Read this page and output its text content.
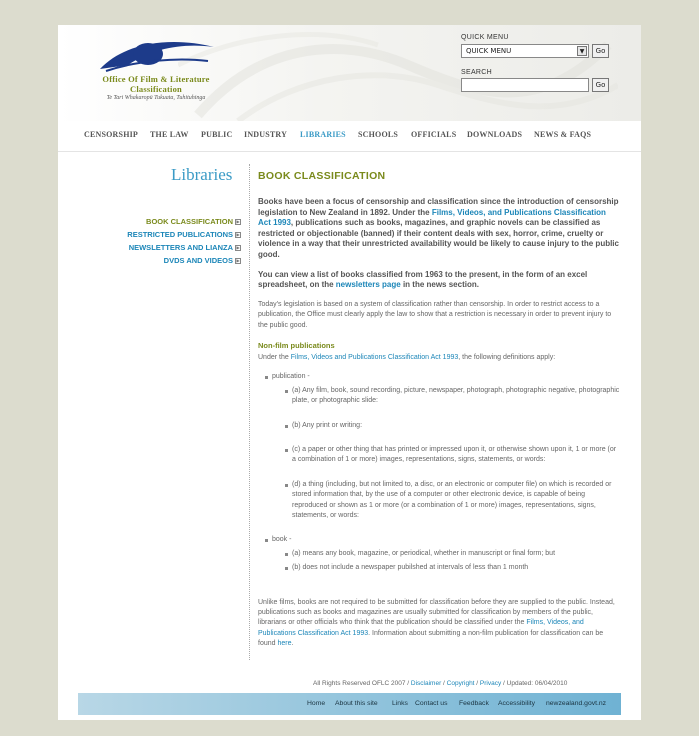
Office Of Film & Literature
Classification
Te Tari Whakaropū Tukuata, Tuhituhinga
QUICK MENU
QUICK MENU	▼	Go
SEARCH
Go
CENSORSHIP THE LAW PUBLIC INDUSTRY LIBRARIES SCHOOLS OFFICIALS DOWNLOADS NEWS & FAQS
Libraries
BOOK CLASSIFICATION ▶
RESTRICTED PUBLICATIONS ▶
NEWSLETTERS AND LIANZA ▶
DVDS AND VIDEOS ▶
BOOK CLASSIFICATION

Books have been a focus of censorship and classification since the introduction of censorship legislation to New Zealand in 1892. Under the Films, Videos, and Publications Classification Act 1993, publications such as books, magazines, and graphic novels can be classified as restricted or objectionable (banned) if their content deals with sex, horror, crime, cruelty or violence in a way that their unrestricted availability would be likely to cause injury to the public good.

You can view a list of books classified from 1963 to the present, in the form of an excel spreadsheet, on the newsletters page in the news section.

Today's legislation is based on a system of classification rather than censorship. In order to restrict access to a publication, the Office must clearly apply the law to show that a restriction is necessary in order to prevent injury to the public good.

Non-film publications

Under the Films, Videos and Publications Classification Act 1993, the following definitions apply:

publication -
(a) Any film, book, sound recording, picture, newspaper, photograph, photographic negative, photographic plate, or photographic slide:
(b) Any print or writing:
(c) a paper or other thing that has printed or impressed upon it, or otherwise shown upon it, 1 or more (or a combination of 1 or more) images, representations, signs, statements, or words:
(d) a thing (including, but not limited to, a disc, or an electronic or computer file) on which is recorded or stored information that, by the use of a computer or other electronic device, is capable of being reproduced or shown as 1 or more (or a combination of 1 or more) images, representations, signs, statements, or words:
book -
(a) means any book, magazine, or periodical, whether in manuscript or final form; but
(b) does not include a newspaper pubilshed at intervals of less than 1 month

Unlike films, books are not required to be submitted for classification before they are supplied to the public. Instead, publications such as books and magazines are usually submitted for classification by members of the public, librarians or other officials who think that the publication should be classified under the Films, Videos, and Publications Classification Act 1993. Information about submitting a non-film publication for classification can be found here.

All Rights Reserved OFLC 2007 / Disclaimer / Copyright / Privacy / Updated: 06/04/2010
Home About this site Links Contact us Feedback Accessibility newzealand.govt.nz
